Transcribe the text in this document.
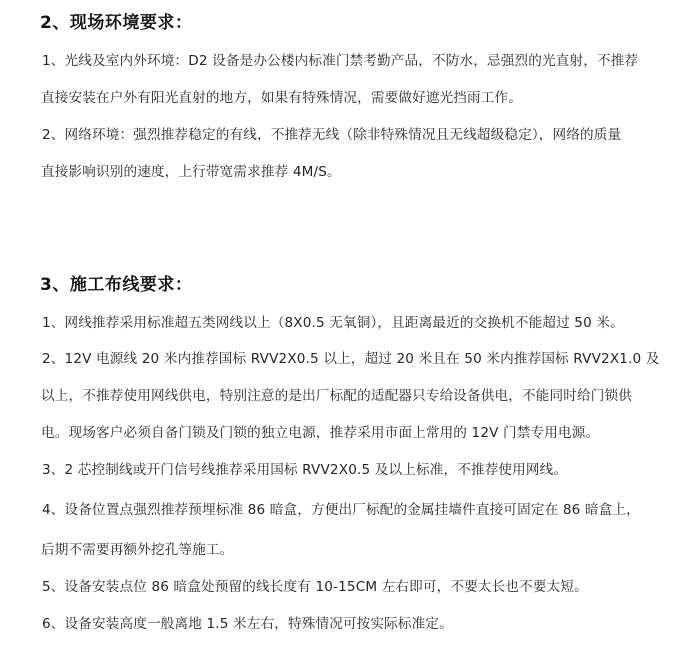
2、现场环境要求：
1、光线及室内外环境：D2 设备是办公楼内标准门禁考勤产品，不防水，忌强烈的光直射，不推荐
直接安装在户外有阳光直射的地方，如果有特殊情况，需要做好遮光挡雨工作。
2、网络环境：强烈推荐稳定的有线，不推荐无线（除非特殊情况且无线超级稳定），网络的质量
直接影响识别的速度，上行带宽需求推荐 4M/S。
3、施工布线要求：
1、网线推荐采用标准超五类网线以上（8X0.5 无氧铜），且距离最近的交换机不能超过 50 米。
2、12V 电源线 20 米内推荐国标 RVV2X0.5 以上，超过 20 米且在 50 米内推荐国标 RVV2X1.0 及
以上，不推荐使用网线供电，特别注意的是出厂标配的适配器只专给设备供电，不能同时给门锁供
电。现场客户必须自备门锁及门锁的独立电源，推荐采用市面上常用的 12V 门禁专用电源。
3、2 芯控制线或开门信号线推荐采用国标 RVV2X0.5 及以上标准，不推荐使用网线。
4、设备位置点强烈推荐预埋标准 86 暗盒，方便出厂标配的金属挂墙件直接可固定在 86 暗盒上，
后期不需要再额外挖孔等施工。
5、设备安装点位 86 暗盒处预留的线长度有 10-15CM 左右即可，不要太长也不要太短。
6、设备安装高度一般离地 1.5 米左右，特殊情况可按实际标准定。
